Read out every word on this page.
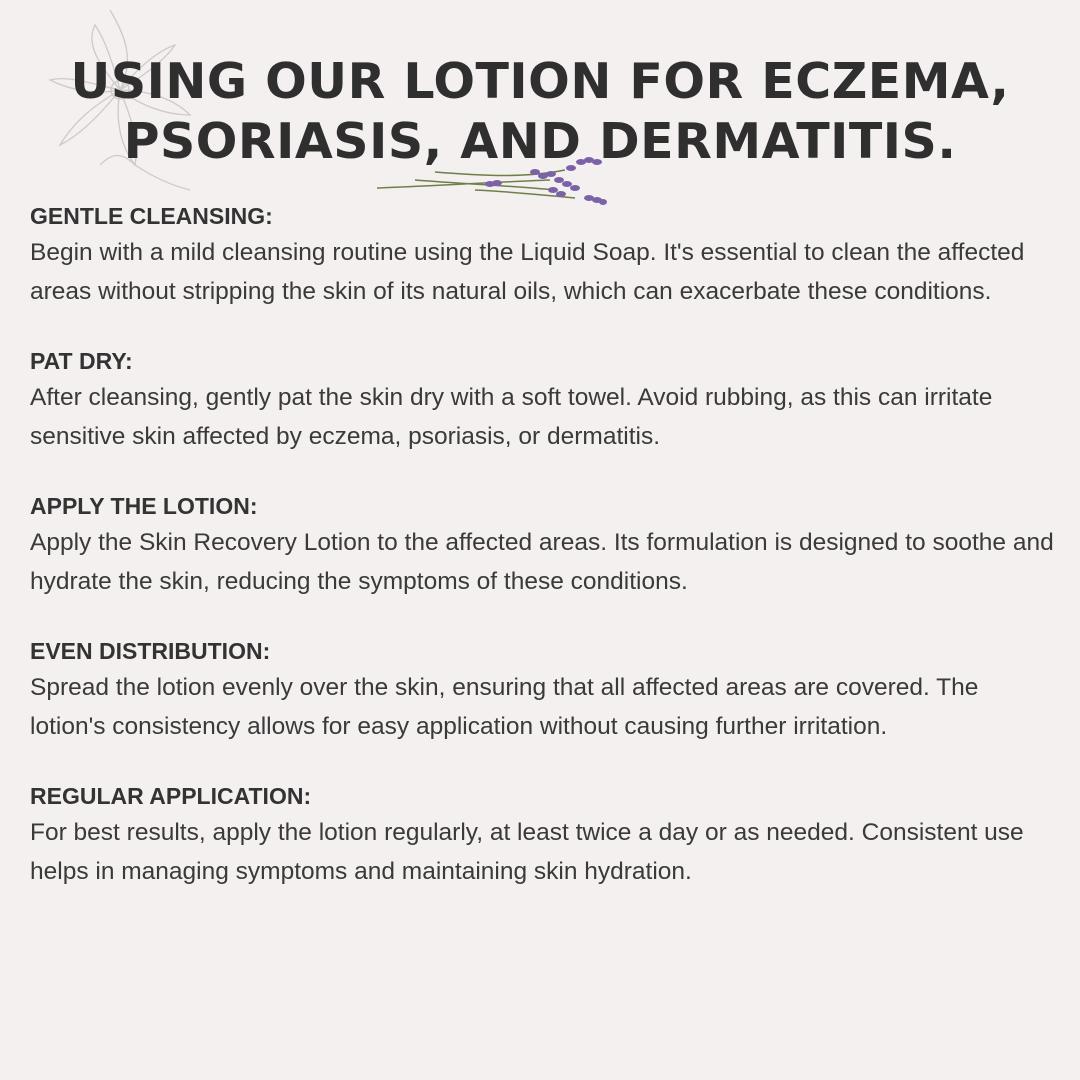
USING OUR LOTION FOR ECZEMA,
PSORIASIS, AND DERMATITIS.

GENTLE CLEANSING:

Begin with a mild cleansing routine using the Liquid Soap. It's essential to clean the affected areas without stripping the skin of its natural oils, which can exacerbate these conditions.

PAT DRY:

After cleansing, gently pat the skin dry with a soft towel. Avoid rubbing, as this can irritate sensitive skin affected by eczema, psoriasis, or dermatitis.

APPLY THE LOTION:

Apply the Skin Recovery Lotion to the affected areas. Its formulation is designed to soothe and hydrate the skin, reducing the symptoms of these conditions.

EVEN DISTRIBUTION:

Spread the lotion evenly over the skin, ensuring that all affected areas are covered. The lotion's consistency allows for easy application without causing further irritation.

REGULAR APPLICATION:

For best results, apply the lotion regularly, at least twice a day or as needed. Consistent use helps in managing symptoms and maintaining skin hydration.
